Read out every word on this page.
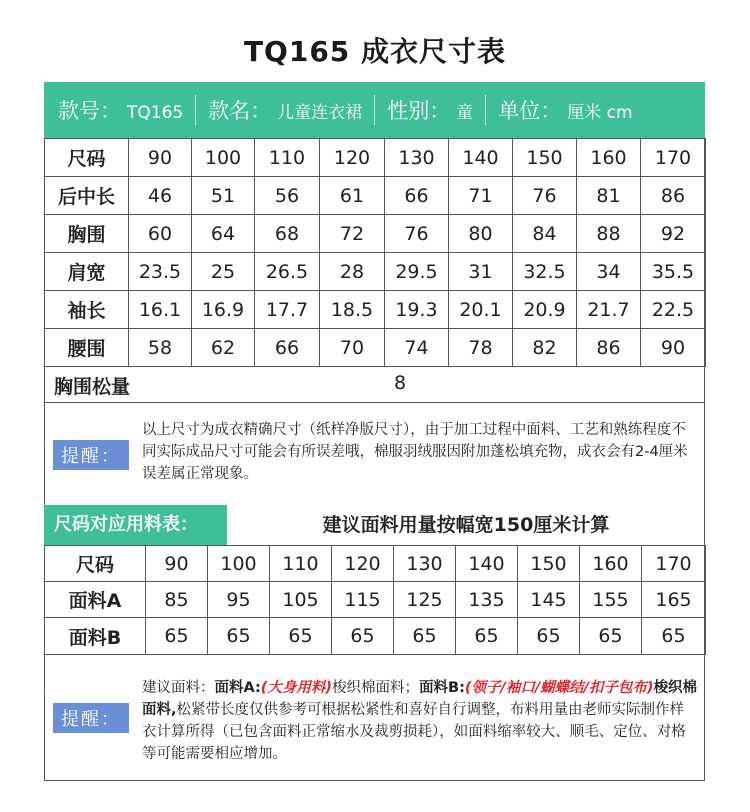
TQ165 成衣尺寸表
款号： TQ165 款名： 儿童连衣裙 性别： 童 单位： 厘米 cm
尺码	90	100	110	120	130	140	150	160	170
后中长	46	51	56	61	66	71	76	81	86
胸围	60	64	68	72	76	80	84	88	92
肩宽	23.5	25	26.5	28	29.5	31	32.5	34	35.5
袖长	16.1	16.9	17.7	18.5	19.3	20.1	20.9	21.7	22.5
腰围	58	62	66	70	74	78	82	86	90
胸围松量	8
提醒：

以上尺寸为成衣精确尺寸（纸样净版尺寸），由于加工过程中面料、工艺和熟练程度不同实际成品尺寸可能会有所误差哦，棉服羽绒服因附加蓬松填充物，成衣会有2-4厘米误差属正常现象。

尺码对应用料表：	建议面料用量按幅宽150厘米计算
尺码	90	100	110	120	130	140	150	160	170
面料A	85	95	105	115	125	135	145	155	165
面料B	65	65	65	65	65	65	65	65	65
提醒：

建议面料：面料A:(大身用料)梭织棉面料；面料B:(领子/袖口/蝴蝶结/扣子包布)梭织棉面料,松紧带长度仅供参考可根据松紧性和喜好自行调整，布料用量由老师实际制作样衣计算所得（已包含面料正常缩水及裁剪损耗），如面料缩率较大、顺毛、定位、对格等可能需要相应增加。
